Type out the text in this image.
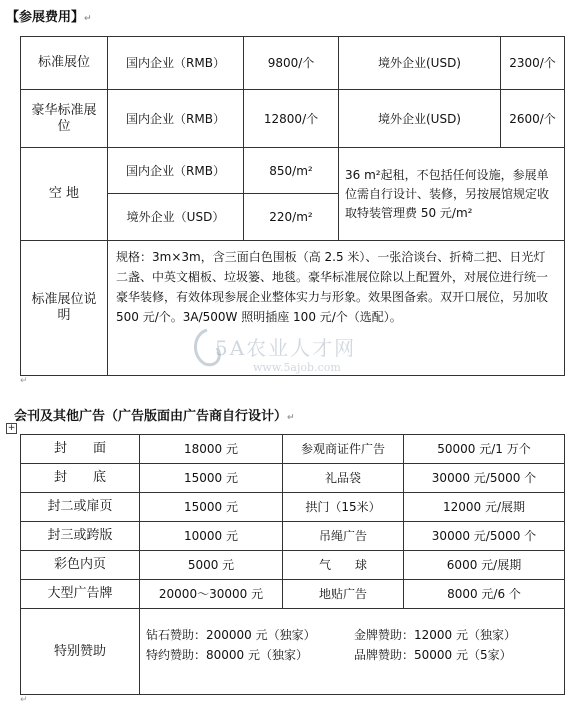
【参展费用】↵
标准展位	国内企业（RMB）	9800/个	境外企业(USD)	2300/个
豪华标准展位	国内企业（RMB）	12800/个	境外企业(USD)	2600/个
空 地	国内企业（RMB）	850/m²	36 m²起租，不包括任何设施，参展单位需自行设计、装修，另按展馆规定收取特装管理费 50 元/m²	
	境外企业（USD）	220/m²		
标准展位说明	规格：3m×3m，含三面白色围板（高 2.5 米）、一张洽谈台、折椅二把、日光灯二盏、中英文楣板、垃圾篓、地毯。豪华标准展位除以上配置外，对展位进行统一豪华装修，有效体现参展企业整体实力与形象。效果图备索。双开口展位，另加收 500 元/个。3A/500W 照明插座 100 元/个（选配）。			
5A农业人才网
www.5ajob.com
↵
会刊及其他广告（广告版面由广告商自行设计）↵
+
封　　面	18000 元	参观商证件广告	50000 元/1 万个
封　　底	15000 元	礼品袋	30000 元/5000 个
封二或扉页	15000 元	拱门（15米）	12000 元/展期
封三或跨版	10000 元	吊绳广告	30000 元/5000 个
彩色内页	5000 元	气　　球	6000 元/展期
大型广告牌	20000～30000 元	地贴广告	8000 元/6 个
特别赞助	钻石赞助：200000 元（独家） 金牌赞助：12000 元（独家）
特约赞助：80000 元（独家） 品牌赞助：50000 元（5家）		
↵
